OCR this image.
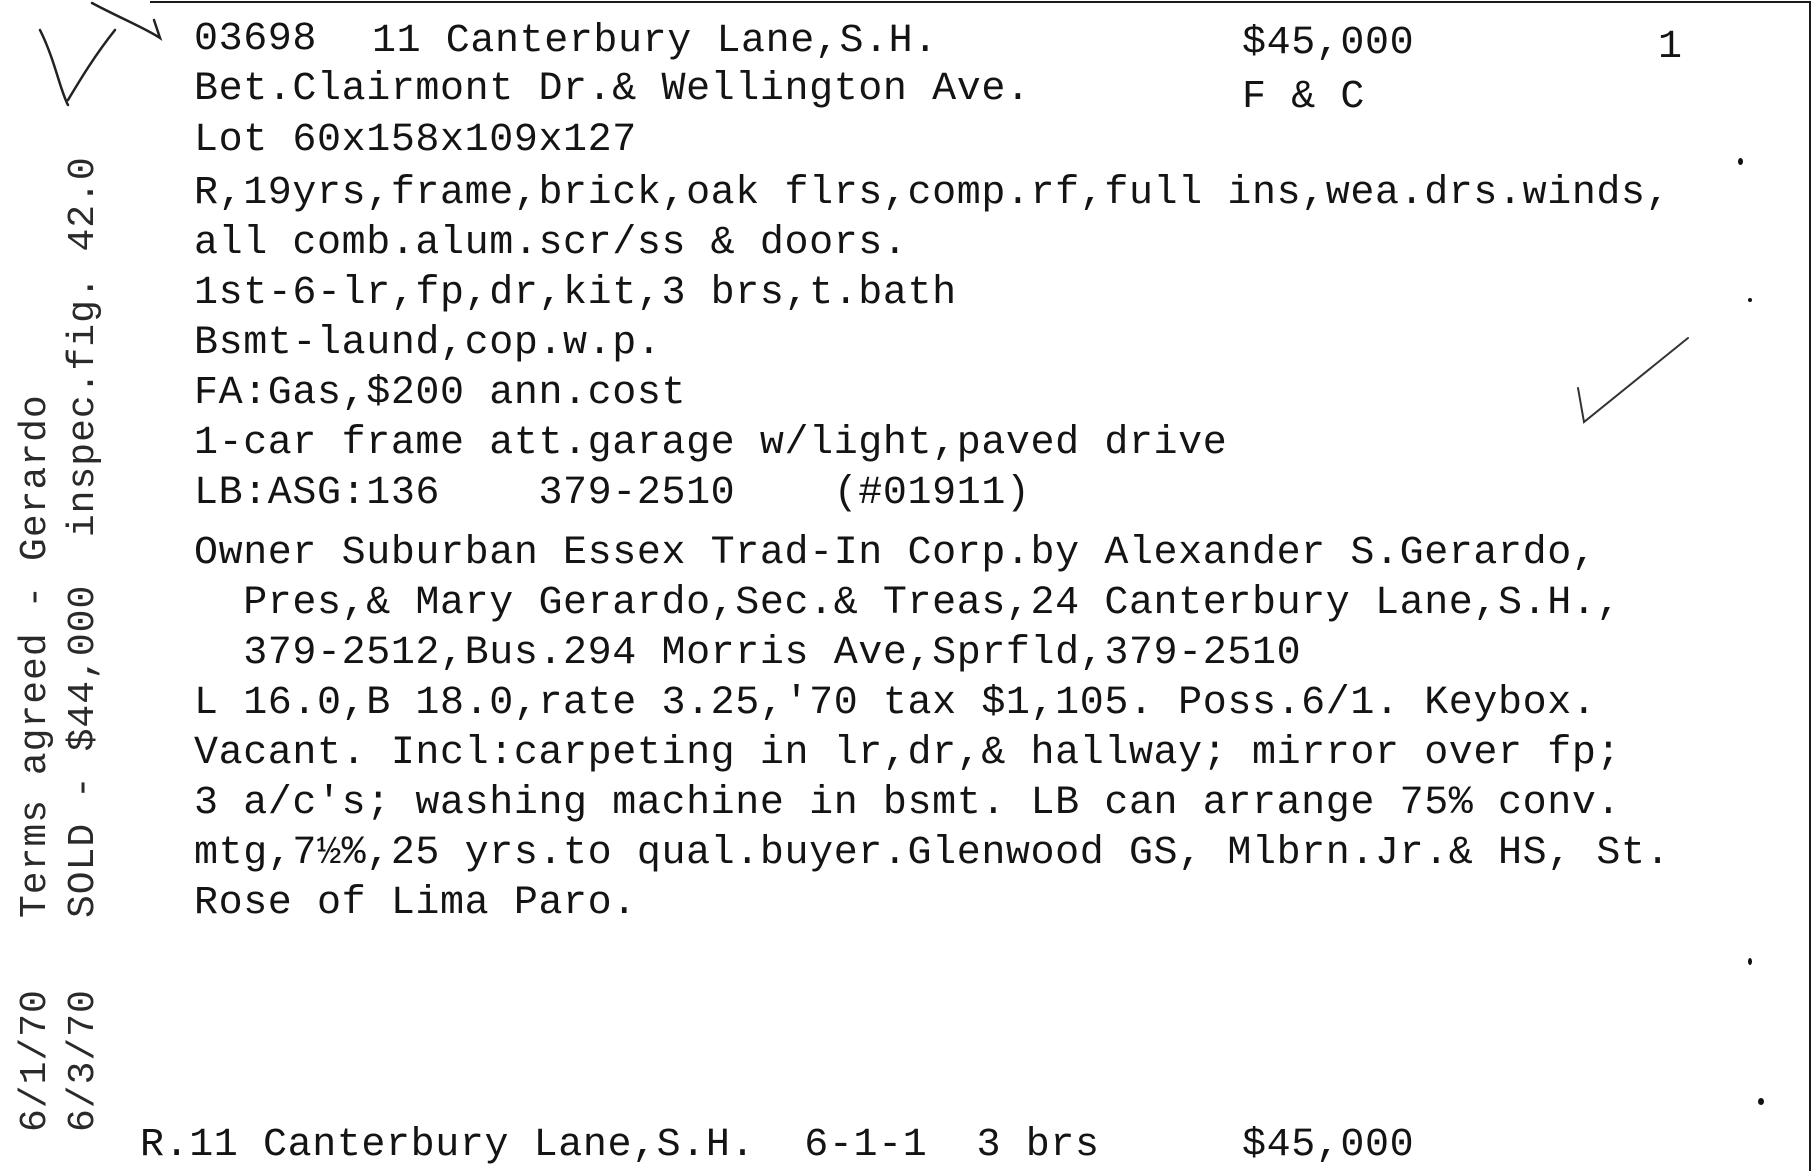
03698 11 Canterbury Lane,S.H.	$45,000	1
Bet.Clairmont Dr.& Wellington Ave.	F & C
Lot 60x158x109x127
R,19yrs,frame,brick,oak flrs,comp.rf,full ins,wea.drs.winds,
all comb.alum.scr/ss & doors.
1st-6-lr,fp,dr,kit,3 brs,t.bath
Bsmt-laund,cop.w.p.
FA:Gas,$200 ann.cost
1-car frame att.garage w/light,paved drive
LB:ASG:136    379-2510    (#01911)
Owner Suburban Essex Trad-In Corp.by Alexander S.Gerardo,
Pres,& Mary Gerardo,Sec.& Treas,24 Canterbury Lane,S.H.,
379-2512,Bus.294 Morris Ave,Sprfld,379-2510
L 16.0,B 18.0,rate 3.25,'70 tax $1,105. Poss.6/1. Keybox.
Vacant. Incl:carpeting in lr,dr,& hallway; mirror over fp;
3 a/c's; washing machine in bsmt. LB can arrange 75% conv.
mtg,7½%,25 yrs.to qual.buyer.Glenwood GS, Mlbrn.Jr.& HS, St.
Rose of Lima Paro.
6/1/70
Terms agreed - Gerardo
6/3/70
SOLD - $44,000  inspec.fig. 42.0
R.11 Canterbury Lane,S.H.  6-1-1  3 brs	$45,000
